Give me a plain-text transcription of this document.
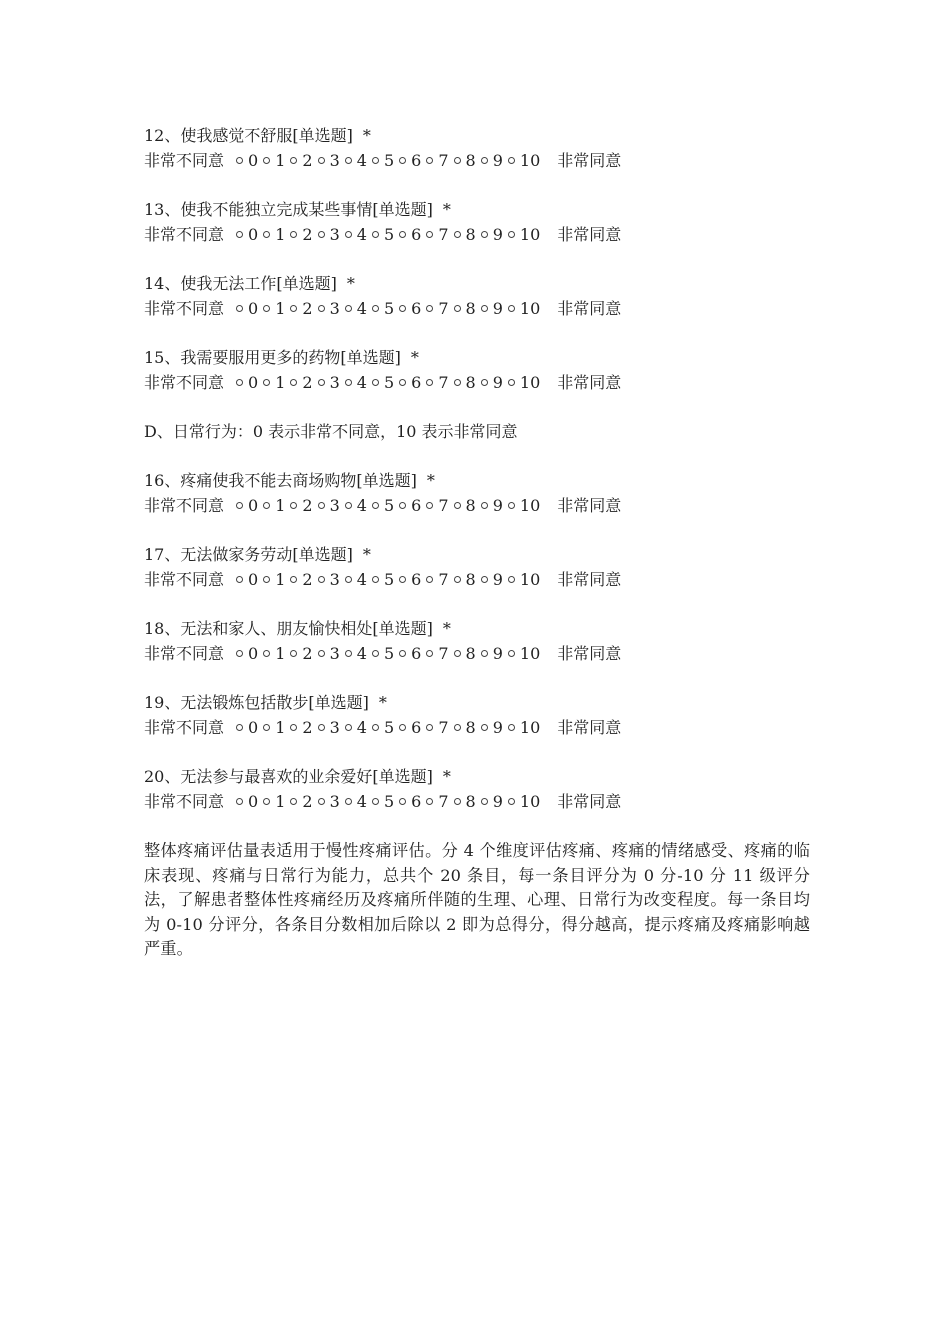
12、使我感觉不舒服[单选题] *
非常不同意 0 1 2 3 4 5 6 7 8 9 10 非常同意
13、使我不能独立完成某些事情[单选题] *
非常不同意 0 1 2 3 4 5 6 7 8 9 10 非常同意
14、使我无法工作[单选题] *
非常不同意 0 1 2 3 4 5 6 7 8 9 10 非常同意
15、我需要服用更多的药物[单选题] *
非常不同意 0 1 2 3 4 5 6 7 8 9 10 非常同意
D、日常行为：0 表示非常不同意，10 表示非常同意
16、疼痛使我不能去商场购物[单选题] *
非常不同意 0 1 2 3 4 5 6 7 8 9 10 非常同意
17、无法做家务劳动[单选题] *
非常不同意 0 1 2 3 4 5 6 7 8 9 10 非常同意
18、无法和家人、朋友愉快相处[单选题] *
非常不同意 0 1 2 3 4 5 6 7 8 9 10 非常同意
19、无法锻炼包括散步[单选题] *
非常不同意 0 1 2 3 4 5 6 7 8 9 10 非常同意
20、无法参与最喜欢的业余爱好[单选题] *
非常不同意 0 1 2 3 4 5 6 7 8 9 10 非常同意
整体疼痛评估量表适用于慢性疼痛评估。分 4 个维度评估疼痛、疼痛的情绪感受、疼痛的临床表现、疼痛与日常行为能力，总共个 20 条目，每一条目评分为 0 分-10 分 11 级评分法，了解患者整体性疼痛经历及疼痛所伴随的生理、心理、日常行为改变程度。每一条目均为 0-10 分评分，各条目分数相加后除以 2 即为总得分，得分越高，提示疼痛及疼痛影响越严重。
